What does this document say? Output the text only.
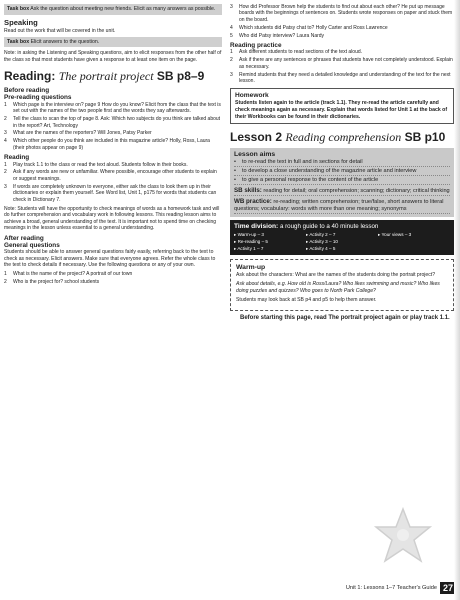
Task box Ask the question about meeting new friends. Elicit as many answers as possible.
Speaking
Read out the work that will be covered in the unit.
Task box Elicit answers to the question.
Note: in asking the Listening and Speaking questions, aim to elicit responses from the other half of the class so that most students have given a response to at least one item on the page.
Reading: The portrait project SB p8–9
Before reading
Pre-reading questions
1	Which page is the interview on? page 9 How do you know? Elicit from the class that the text is set out with the names of the two people first and the words they say afterwards.
2	Tell the class to scan the top of page 8. Ask: Which two subjects do you think are talked about in the report? Art, Technology
3	What are the names of the reporters? Will Jones, Patsy Parker
4	Which other people do you think are included in this magazine article? Holly, Ross, Laura (their photos appear on page 9)
Reading
1	Play track 1.1 to the class or read the text aloud. Students follow in their books.
2	Ask if any words are new or unfamiliar. Where possible, encourage other students to explain or suggest meanings.
3	If words are completely unknown to everyone, either ask the class to look them up in their dictionaries or explain them yourself. See Word list, Unit 1, p175 for words that students can check in Dictionary 7.
Note: Students will have the opportunity to check meanings of words as a homework task and will do further comprehension and vocabulary work in following lessons. This reading lesson aims to achieve a broad, general understanding of the text. It is important not to spend time on checking meanings in the lesson unless essential to a general understanding.
After reading
General questions
Students should be able to answer general questions fairly easily, referring back to the text to check as necessary. Elicit answers. Make sure that everyone agrees. Refer the whole class to the text to check details if necessary. Use the following questions or any of your own.
1	What is the name of the project? A portrait of our town
2	Who is the project for? school students
3	How did Professor Brown help the students to find out about each other? He put up message boards with the beginnings of sentences on. Students wrote responses on paper and stuck them on the board.
4	Which students did Patsy chat to? Holly Carter and Ross Lawrence
5	Who did Patsy interview? Laura Nardy
Reading practice
1	Ask different students to read sections of the text aloud.
2	Ask if there are any sentences or phrases that students have not completely understood. Explain as necessary.
3	Remind students that they need a detailed knowledge and understanding of the text for the next lesson.
Homework
Students listen again to the article (track 1.1). They re-read the article carefully and check meanings again as necessary. Explain that words listed for Unit 1 at the back of their Workbooks can be found in their dictionaries.
Lesson 2 Reading comprehension SB p10
Lesson aims
•	to re-read the text in full and in sections for detail
•	to develop a close understanding of the magazine article and interview
•	to give a personal response to the content of the article
SB skills: reading for detail; oral comprehension; scanning; dictionary; critical thinking
WB practice: re-reading; written comprehension; true/false, short answers to literal questions; vocabulary: words with more than one meaning; synonyms
Time division: a rough guide to a 40 minute lesson
▸ Warm-up – 3	▸ Activity 2 – 7	▸ Your views – 3
▸ Re-reading – 5	▸ Activity 3 – 10
▸ Activity 1 – 7	▸ Activity 4 – 5
Warm-up
Ask about the characters: What are the names of the students doing the portrait project?
Ask about details, e.g. How old is Ross/Laura? Who likes swimming and music? Who likes doing puzzles and quizzes? Who goes to North Park College?
Students may look back at SB p4 and p5 to help them answer.
Before starting this page, read The portrait project again or play track 1.1.
Unit 1: Lessons 1–7 Teacher's Guide 27
